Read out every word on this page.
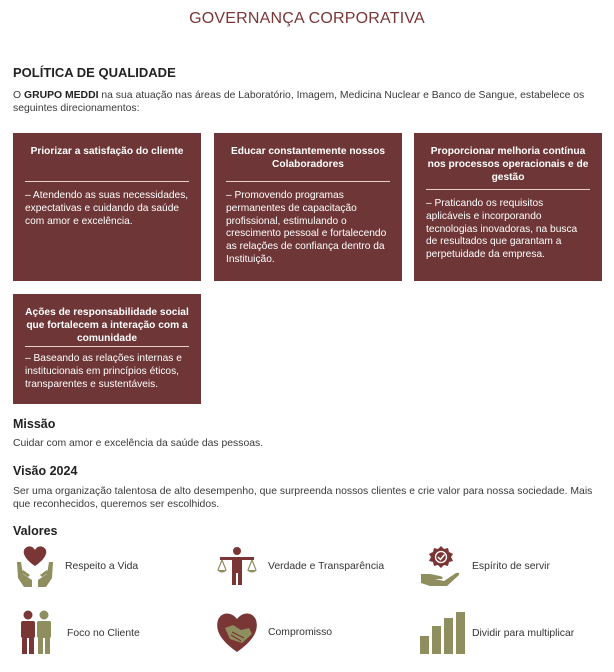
GOVERNANÇA CORPORATIVA
POLÍTICA DE QUALIDADE
O GRUPO MEDDI na sua atuação nas áreas de Laboratório, Imagem, Medicina Nuclear e Banco de Sangue, estabelece os seguintes direcionamentos:
Priorizar a satisfação do cliente
– Atendendo as suas necessidades, expectativas e cuidando da saúde com amor e excelência.
Educar constantemente nossos Colaboradores
– Promovendo programas permanentes de capacitação profissional, estimulando o crescimento pessoal e fortalecendo as relações de confiança dentro da Instituição.
Proporcionar melhoria contínua nos processos operacionais e de gestão
– Praticando os requisitos aplicáveis e incorporando tecnologias inovadoras, na busca de resultados que garantam a perpetuidade da empresa.
Ações de responsabilidade social que fortalecem a interação com a comunidade
– Baseando as relações internas e institucionais em princípios éticos, transparentes e sustentáveis.
Missão
Cuidar com amor e excelência da saúde das pessoas.
Visão 2024
Ser uma organização talentosa de alto desempenho, que surpreenda nossos clientes e crie valor para nossa sociedade. Mais que reconhecidos, queremos ser escolhidos.
Valores
Respeito a Vida	Verdade e Transparência	Espírito de servir
Foco no Cliente	Compromisso	Dividir para multiplicar
